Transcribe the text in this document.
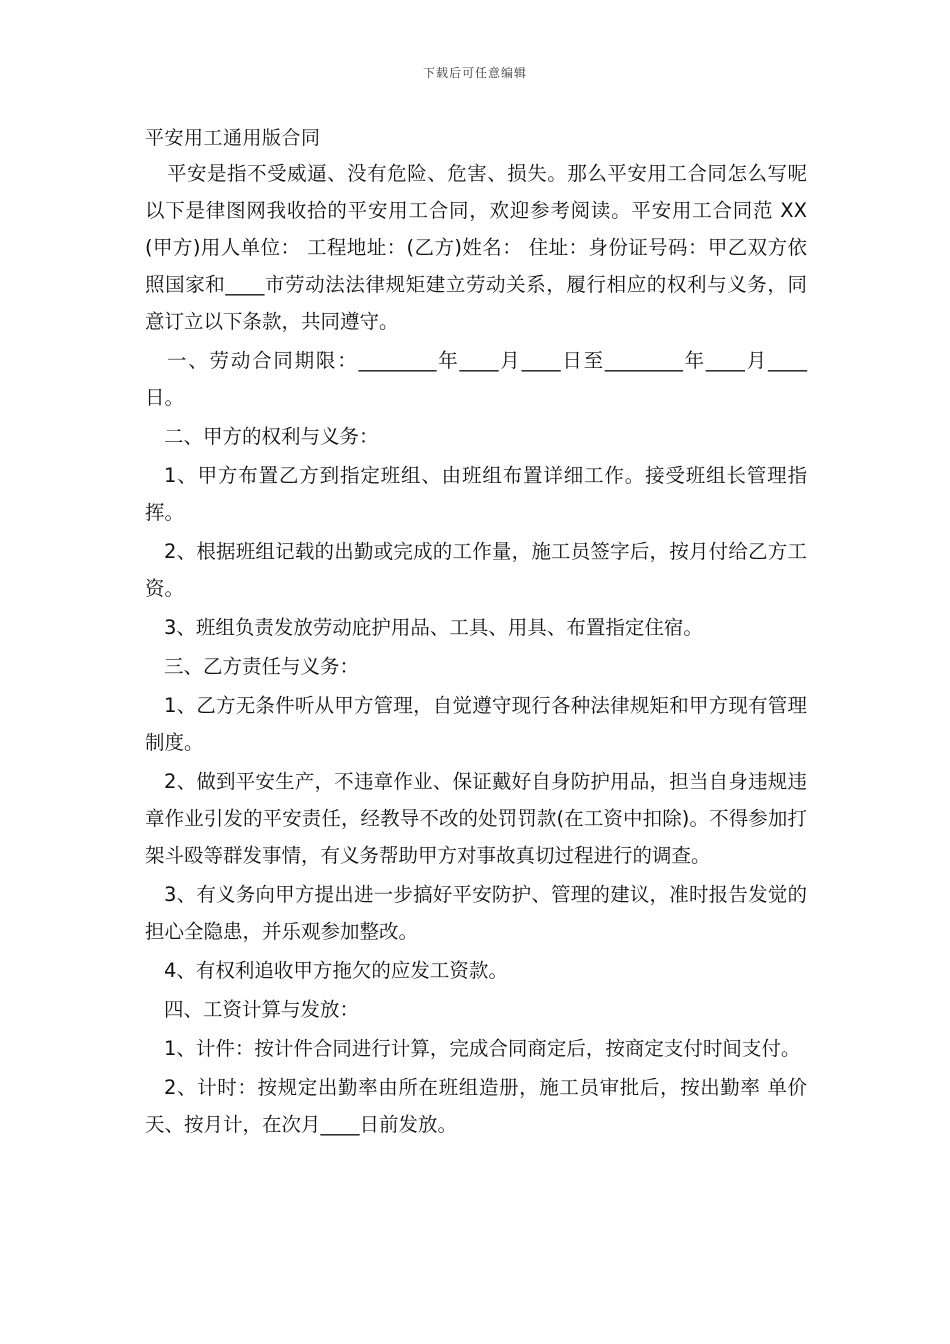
下载后可任意编辑
平安用工通用版合同

平安是指不受威逼、没有危险、危害、损失。那么平安用工合同怎么写呢以下是律图网我收拾的平安用工合同，欢迎参考阅读。平安用工合同范 XX(甲方)用人单位： 工程地址：(乙方)姓名： 住址：身份证号码：甲乙双方依照国家和____市劳动法法律规矩建立劳动关系，履行相应的权利与义务，同意订立以下条款，共同遵守。

一、劳动合同期限：________年____月____日至________年____月____日。

二、甲方的权利与义务：

1、甲方布置乙方到指定班组、由班组布置详细工作。接受班组长管理指挥。

2、根据班组记载的出勤或完成的工作量，施工员签字后，按月付给乙方工资。

3、班组负责发放劳动庇护用品、工具、用具、布置指定住宿。

三、乙方责任与义务：

1、乙方无条件听从甲方管理，自觉遵守现行各种法律规矩和甲方现有管理制度。

2、做到平安生产，不违章作业、保证戴好自身防护用品，担当自身违规违章作业引发的平安责任，经教导不改的处罚罚款(在工资中扣除)。不得参加打架斗殴等群发事情，有义务帮助甲方对事故真切过程进行的调查。

3、有义务向甲方提出进一步搞好平安防护、管理的建议，准时报告发觉的担心全隐患，并乐观参加整改。

4、有权利追收甲方拖欠的应发工资款。

四、工资计算与发放：

1、计件：按计件合同进行计算，完成合同商定后，按商定支付时间支付。

2、计时：按规定出勤率由所在班组造册，施工员审批后，按出勤率 单价天、按月计，在次月____日前发放。
